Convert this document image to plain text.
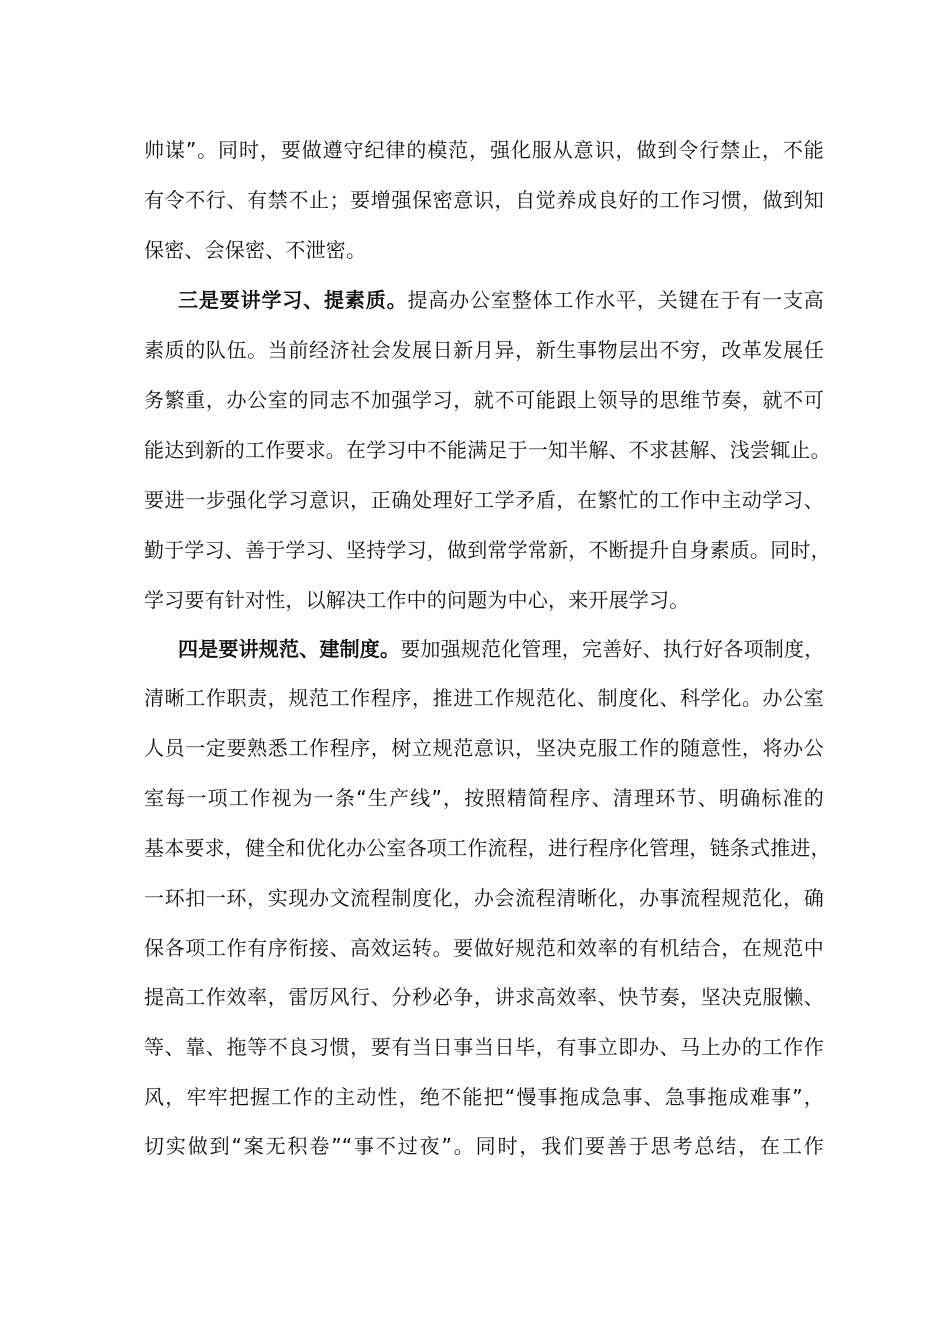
帅谋”。同时，要做遵守纪律的模范，强化服从意识，做到令行禁止，不能
有令不行、有禁不止；要增强保密意识，自觉养成良好的工作习惯，做到知
保密、会保密、不泄密。
三是要讲学习、提素质。提高办公室整体工作水平，关键在于有一支高
素质的队伍。当前经济社会发展日新月异，新生事物层出不穷，改革发展任
务繁重，办公室的同志不加强学习，就不可能跟上领导的思维节奏，就不可
能达到新的工作要求。在学习中不能满足于一知半解、不求甚解、浅尝辄止。
要进一步强化学习意识，正确处理好工学矛盾，在繁忙的工作中主动学习、
勤于学习、善于学习、坚持学习，做到常学常新，不断提升自身素质。同时，
学习要有针对性，以解决工作中的问题为中心，来开展学习。
四是要讲规范、建制度。要加强规范化管理，完善好、执行好各项制度，
清晰工作职责，规范工作程序，推进工作规范化、制度化、科学化。办公室
人员一定要熟悉工作程序，树立规范意识，坚决克服工作的随意性，将办公
室每一项工作视为一条“生产线”，按照精简程序、清理环节、明确标准的
基本要求，健全和优化办公室各项工作流程，进行程序化管理，链条式推进，
一环扣一环，实现办文流程制度化，办会流程清晰化，办事流程规范化，确
保各项工作有序衔接、高效运转。要做好规范和效率的有机结合，在规范中
提高工作效率，雷厉风行、分秒必争，讲求高效率、快节奏，坚决克服懒、
等、靠、拖等不良习惯，要有当日事当日毕，有事立即办、马上办的工作作
风，牢牢把握工作的主动性，绝不能把“慢事拖成急事、急事拖成难事”，
切实做到“案无积卷”“事不过夜”。同时，我们要善于思考总结，在工作
